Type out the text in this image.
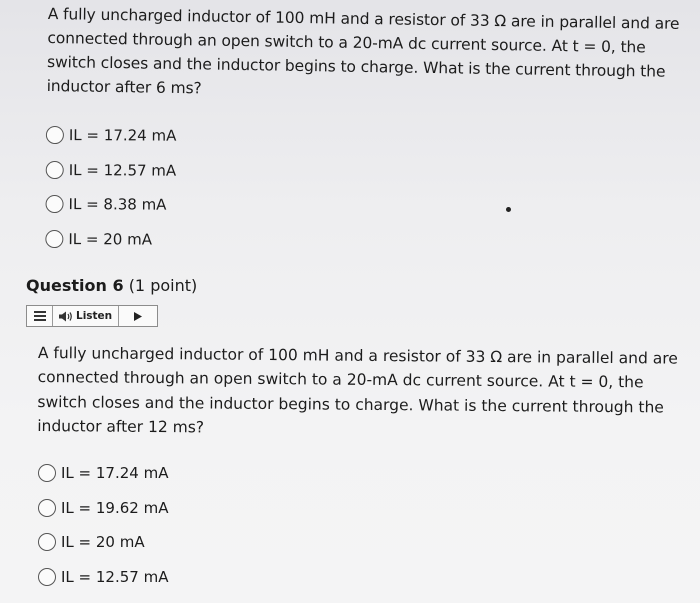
A fully uncharged inductor of 100 mH and a resistor of 33 Ω are in parallel and are connected through an open switch to a 20-mA dc current source. At t = 0, the switch closes and the inductor begins to charge. What is the current through the inductor after 6 ms?
IL = 17.24 mA
IL = 12.57 mA
IL = 8.38 mA
IL = 20 mA
Question 6 (1 point)
Listen
A fully uncharged inductor of 100 mH and a resistor of 33 Ω are in parallel and are connected through an open switch to a 20-mA dc current source. At t = 0, the switch closes and the inductor begins to charge. What is the current through the inductor after 12 ms?
IL = 17.24 mA
IL = 19.62 mA
IL = 20 mA
IL = 12.57 mA
